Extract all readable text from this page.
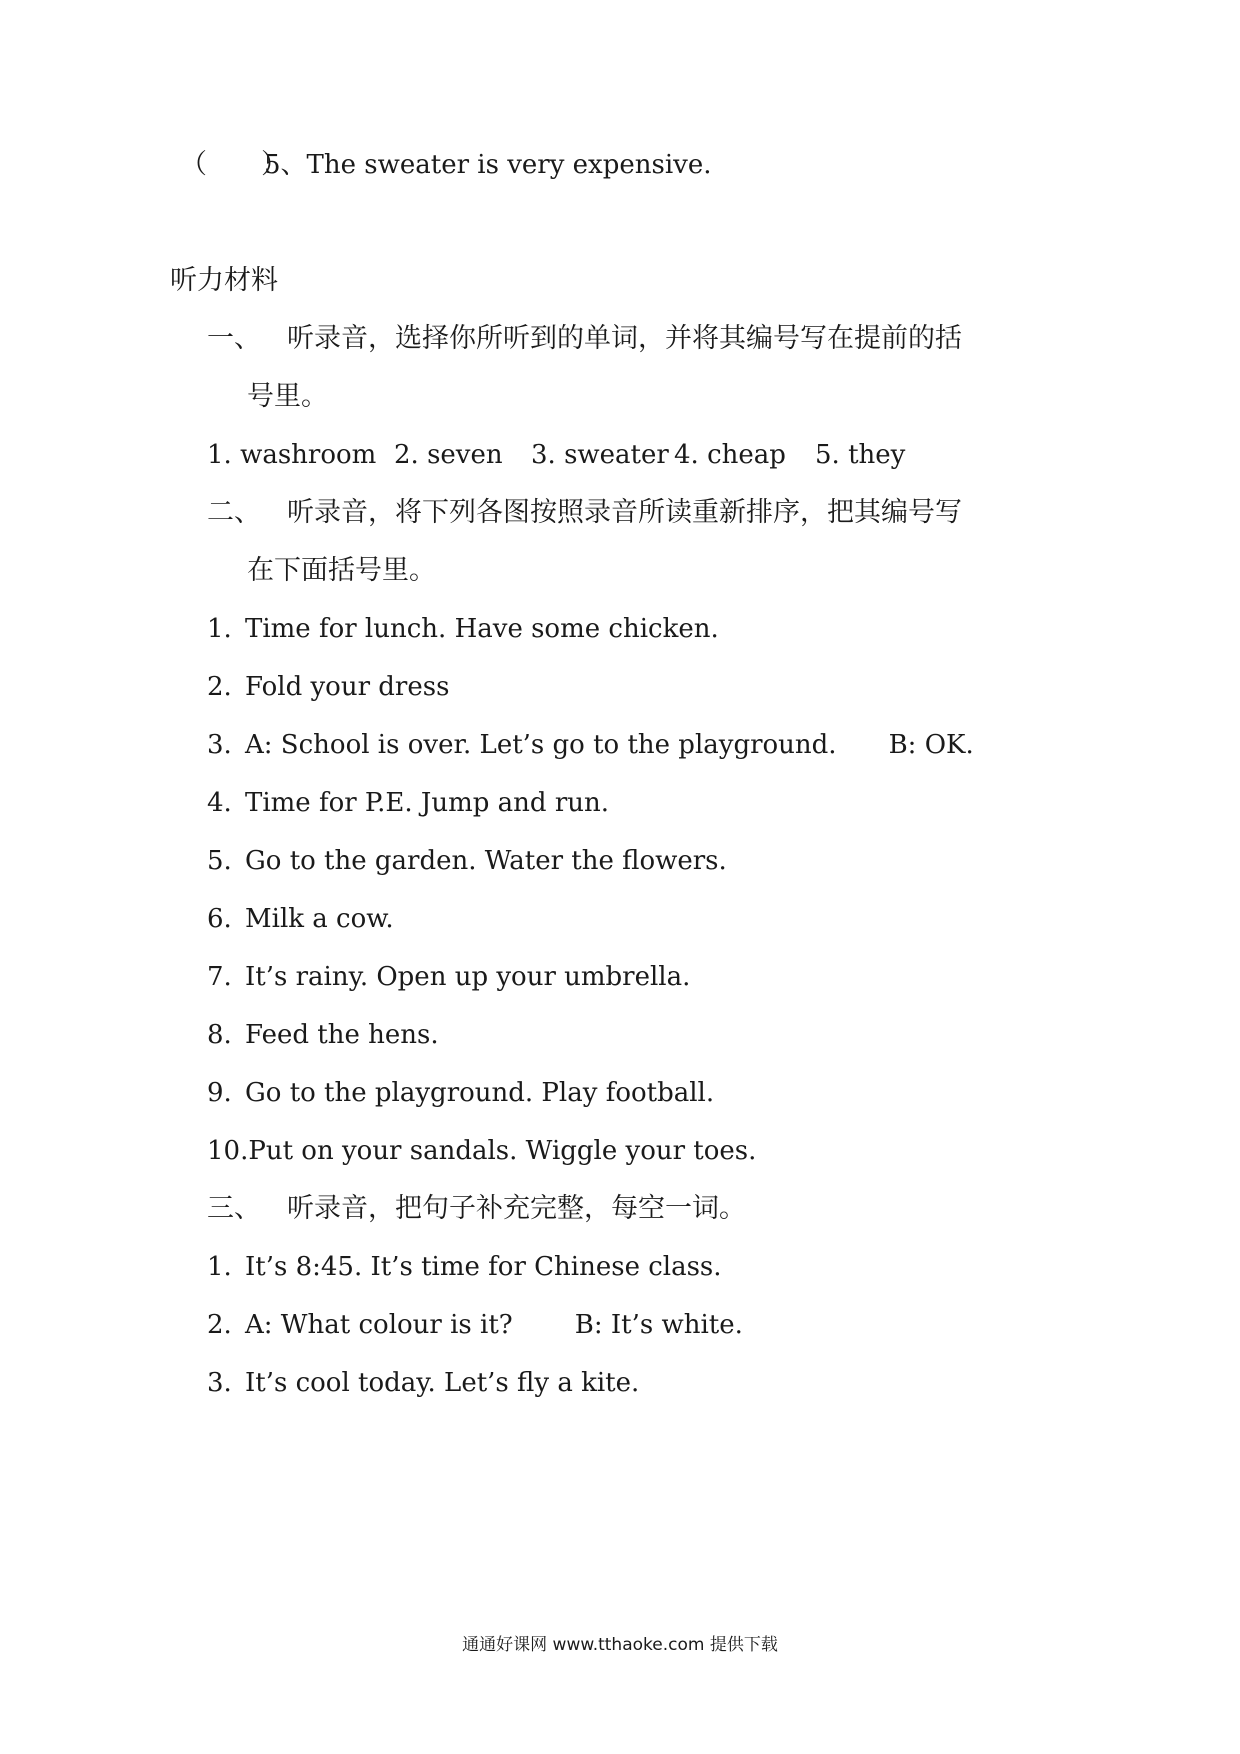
（　　）5、The sweater is very expensive.
听力材料
一、 听录音，选择你所听到的单词，并将其编号写在提前的括
号里。
1. washroom 2. seven 3. sweater 4. cheap 5. they
二、 听录音，将下列各图按照录音所读重新排序，把其编号写
在下面括号里。
1. Time for lunch. Have some chicken.
2. Fold your dress
3. A: School is over. Let’s go to the playground. B: OK.
4. Time for P.E. Jump and run.
5. Go to the garden. Water the flowers.
6. Milk a cow.
7. It’s rainy. Open up your umbrella.
8. Feed the hens.
9. Go to the playground. Play football.
10.Put on your sandals. Wiggle your toes.
三、 听录音，把句子补充完整，每空一词。
1. It’s 8:45. It’s time for Chinese class.
2. A: What colour is it? B: It’s white.
3. It’s cool today. Let’s fly a kite.
通通好课网 www.tthaoke.com 提供下载
